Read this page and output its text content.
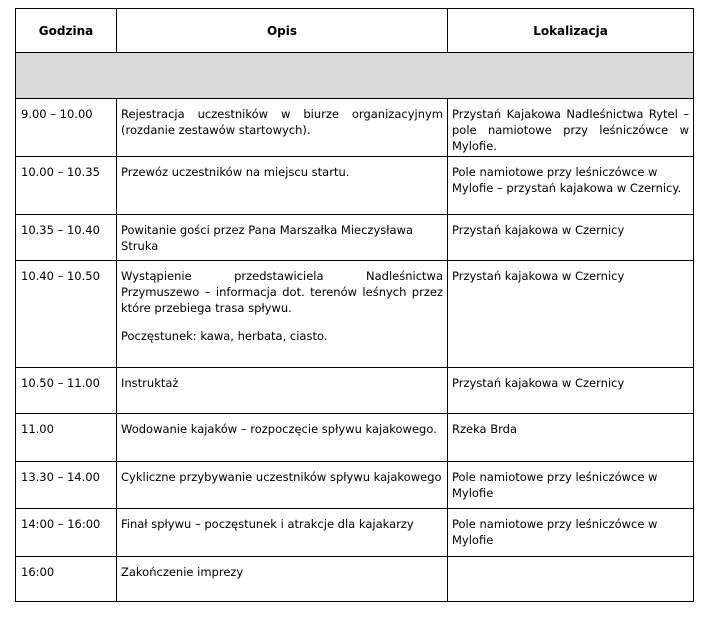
Godzina	Opis	Lokalizacja

9.00 – 10.00	Rejestracja uczestników w biurze organizacyjnym (rozdanie zestawów startowych).	Przystań Kajakowa Nadleśnictwa Rytel – pole namiotowe przy leśniczówce w Mylofie.

10.00 – 10.35	Przewóz uczestników na miejscu startu.	Pole namiotowe przy leśniczówce w Mylofie – przystań kajakowa w Czernicy.

10.35 – 10.40	Powitanie gości przez Pana Marszałka Mieczysława Struka	Przystań kajakowa w Czernicy

10.40 – 10.50	Wystąpienie przedstawiciela Nadleśnictwa Przymuszewo – informacja dot. terenów leśnych przez które przebiega trasa spływu.
Poczęstunek: kawa, herbata, ciasto.	Przystań kajakowa w Czernicy

10.50 – 11.00	Instruktaż	Przystań kajakowa w Czernicy

11.00	Wodowanie kajaków – rozpoczęcie spływu kajakowego.	Rzeka Brda

13.30 – 14.00	Cykliczne przybywanie uczestników spływu kajakowego	Pole namiotowe przy leśniczówce w Mylofie

14:00 – 16:00	Finał spływu – poczęstunek i atrakcje dla kajakarzy	Pole namiotowe przy leśniczówce w Mylofie

16:00	Zakończenie imprezy	
